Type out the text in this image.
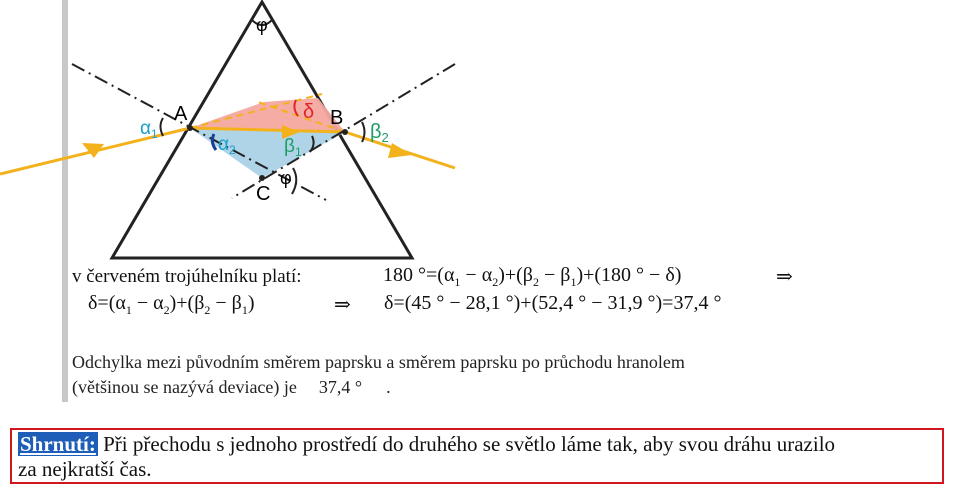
φ
δ
A	B
C
$\alpha_1$	$\alpha_2$	$\beta_1$
$\beta_2$
φ
v červeném trojúhelníku platí:	180 $^\circ=(\alpha_1 - \alpha_2)+(\beta_2 - \beta_1)+(180$ ° − δ)	⇒
$\delta=(\alpha_1 - \alpha_2)+(\beta_2 - \beta_1)$	⇒ δ=(45 ° − 28,1 °)+(52,4 ° − 31,9 °)=37,4 °
Odchylka mezi původním směrem paprsku a směrem paprsku po průchodu hranolem
(většinou se nazývá deviace) je 37,4 ° .
Shrnutí: Při přechodu s jednoho prostředí do druhého se světlo láme tak, aby svou dráhu urazilo
za nejkratší čas.
